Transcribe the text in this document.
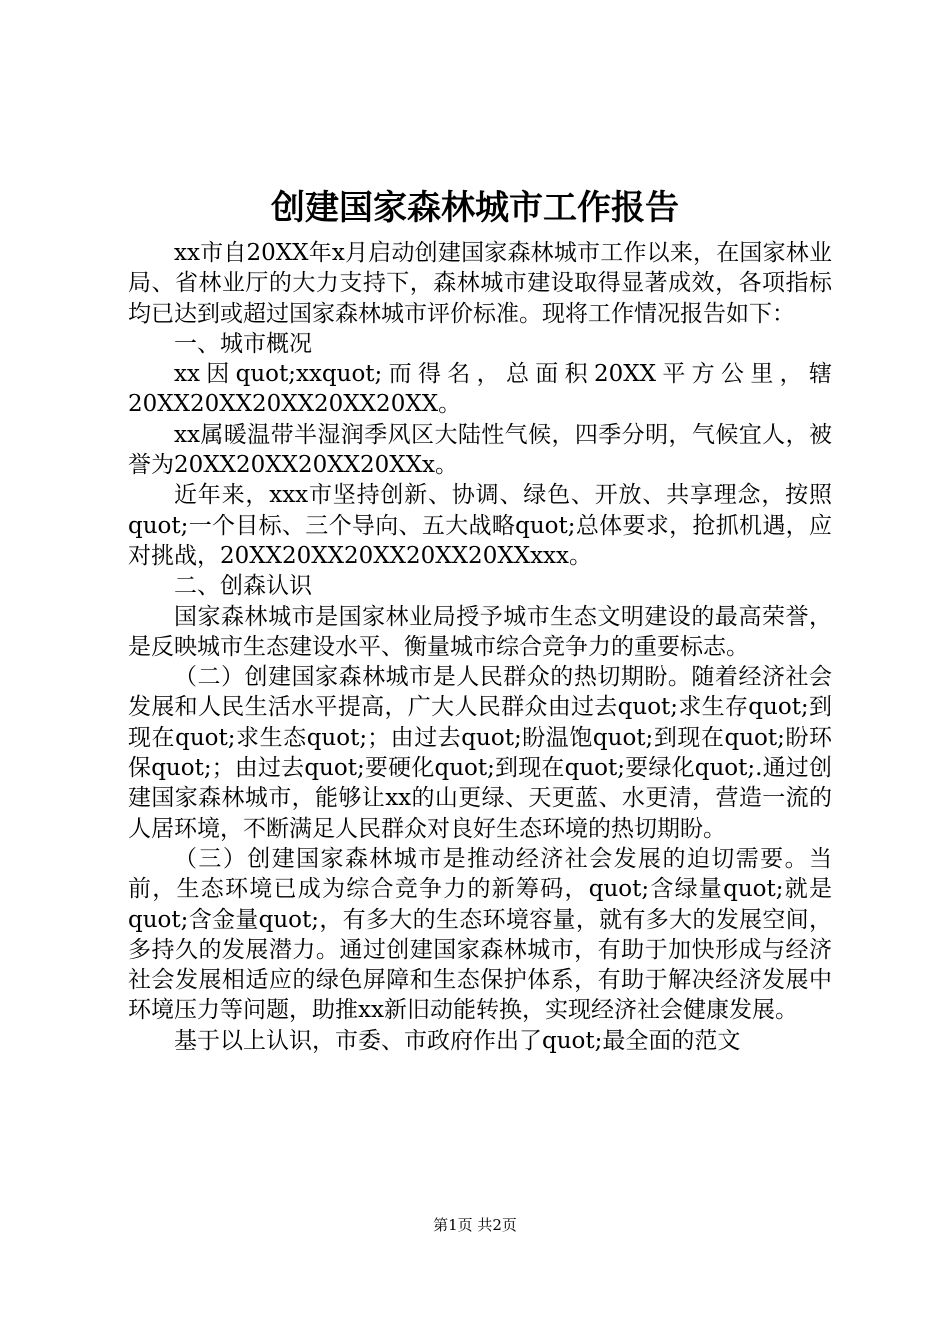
创建国家森林城市工作报告

xx市自20XX年x月启动创建国家森林城市工作以来，在国家林业局、省林业厅的大力支持下，森林城市建设取得显著成效，各项指标均已达到或超过国家森林城市评价标准。现将工作情况报告如下：

一、城市概况

xx因quot;xxquot;而得名，总面积20XX平方公里，辖20XX20XX20XX20XX20XX。

xx属暖温带半湿润季风区大陆性气候，四季分明，气候宜人，被誉为20XX20XX20XX20XXx。

近年来，xxx市坚持创新、协调、绿色、开放、共享理念，按照quot;一个目标、三个导向、五大战略quot;总体要求，抢抓机遇，应对挑战，20XX20XX20XX20XX20XXxxx。

二、创森认识

国家森林城市是国家林业局授予城市生态文明建设的最高荣誉，是反映城市生态建设水平、衡量城市综合竞争力的重要标志。

（二）创建国家森林城市是人民群众的热切期盼。随着经济社会发展和人民生活水平提高，广大人民群众由过去quot;求生存quot;到现在quot;求生态quot;；由过去quot;盼温饱quot;到现在quot;盼环保quot;；由过去quot;要硬化quot;到现在quot;要绿化quot;.通过创建国家森林城市，能够让xx的山更绿、天更蓝、水更清，营造一流的人居环境，不断满足人民群众对良好生态环境的热切期盼。

（三）创建国家森林城市是推动经济社会发展的迫切需要。当前，生态环境已成为综合竞争力的新筹码，quot;含绿量quot;就是quot;含金量quot;，有多大的生态环境容量，就有多大的发展空间，多持久的发展潜力。通过创建国家森林城市，有助于加快形成与经济社会发展相适应的绿色屏障和生态保护体系，有助于解决经济发展中环境压力等问题，助推xx新旧动能转换，实现经济社会健康发展。

基于以上认识，市委、市政府作出了quot;最全面的范文

第1页 共2页
